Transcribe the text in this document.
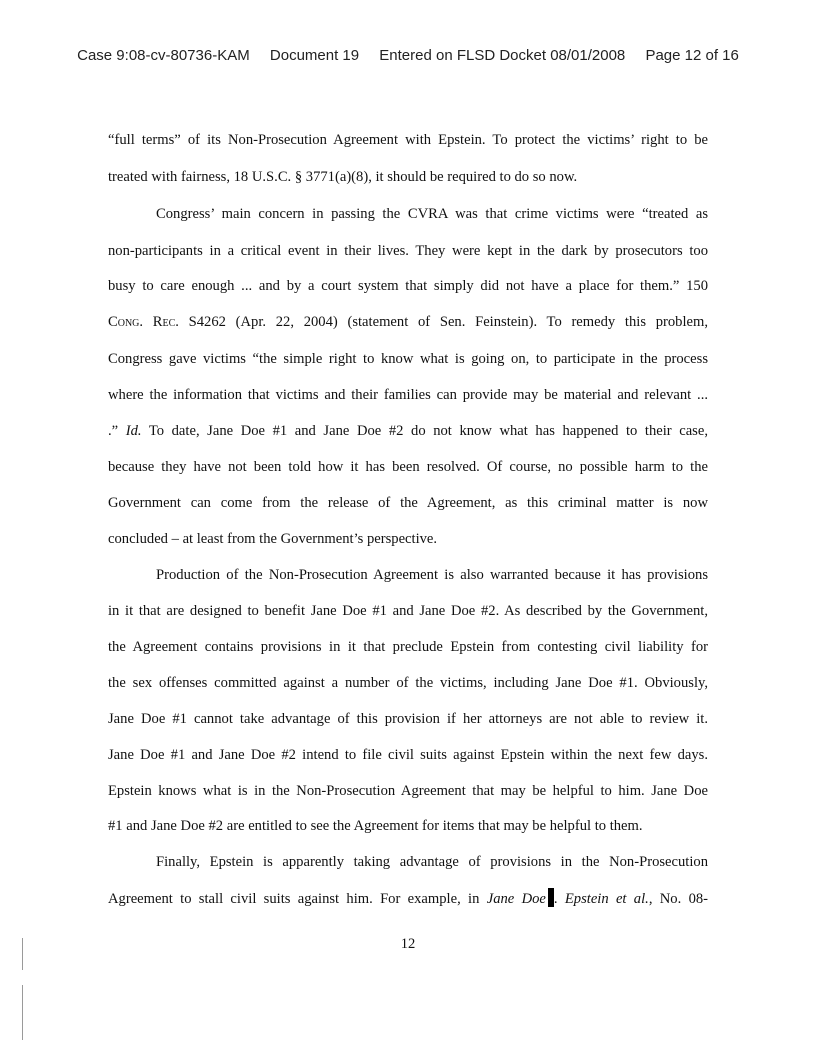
Case 9:08-cv-80736-KAM Document 19 Entered on FLSD Docket 08/01/2008 Page 12 of 16
“full terms” of its Non-Prosecution Agreement with Epstein. To protect the victims’ right to be
treated with fairness, 18 U.S.C. § 3771(a)(8), it should be required to do so now.
Congress’ main concern in passing the CVRA was that crime victims were “treated as
non-participants in a critical event in their lives. They were kept in the dark by prosecutors too
busy to care enough ... and by a court system that simply did not have a place for them.” 150
Cong. Rec. S4262 (Apr. 22, 2004) (statement of Sen. Feinstein). To remedy this problem,
Congress gave victims “the simple right to know what is going on, to participate in the process
where the information that victims and their families can provide may be material and relevant ...
.” Id. To date, Jane Doe #1 and Jane Doe #2 do not know what has happened to their case,
because they have not been told how it has been resolved. Of course, no possible harm to the
Government can come from the release of the Agreement, as this criminal matter is now
concluded – at least from the Government’s perspective.
Production of the Non-Prosecution Agreement is also warranted because it has provisions
in it that are designed to benefit Jane Doe #1 and Jane Doe #2. As described by the Government,
the Agreement contains provisions in it that preclude Epstein from contesting civil liability for
the sex offenses committed against a number of the victims, including Jane Doe #1. Obviously,
Jane Doe #1 cannot take advantage of this provision if her attorneys are not able to review it.
Jane Doe #1 and Jane Doe #2 intend to file civil suits against Epstein within the next few days.
Epstein knows what is in the Non-Prosecution Agreement that may be helpful to him. Jane Doe
#1 and Jane Doe #2 are entitled to see the Agreement for items that may be helpful to them.
Finally, Epstein is apparently taking advantage of provisions in the Non-Prosecution
Agreement to stall civil suits against him. For example, in Jane Doe . Epstein et al., No. 08-
12
